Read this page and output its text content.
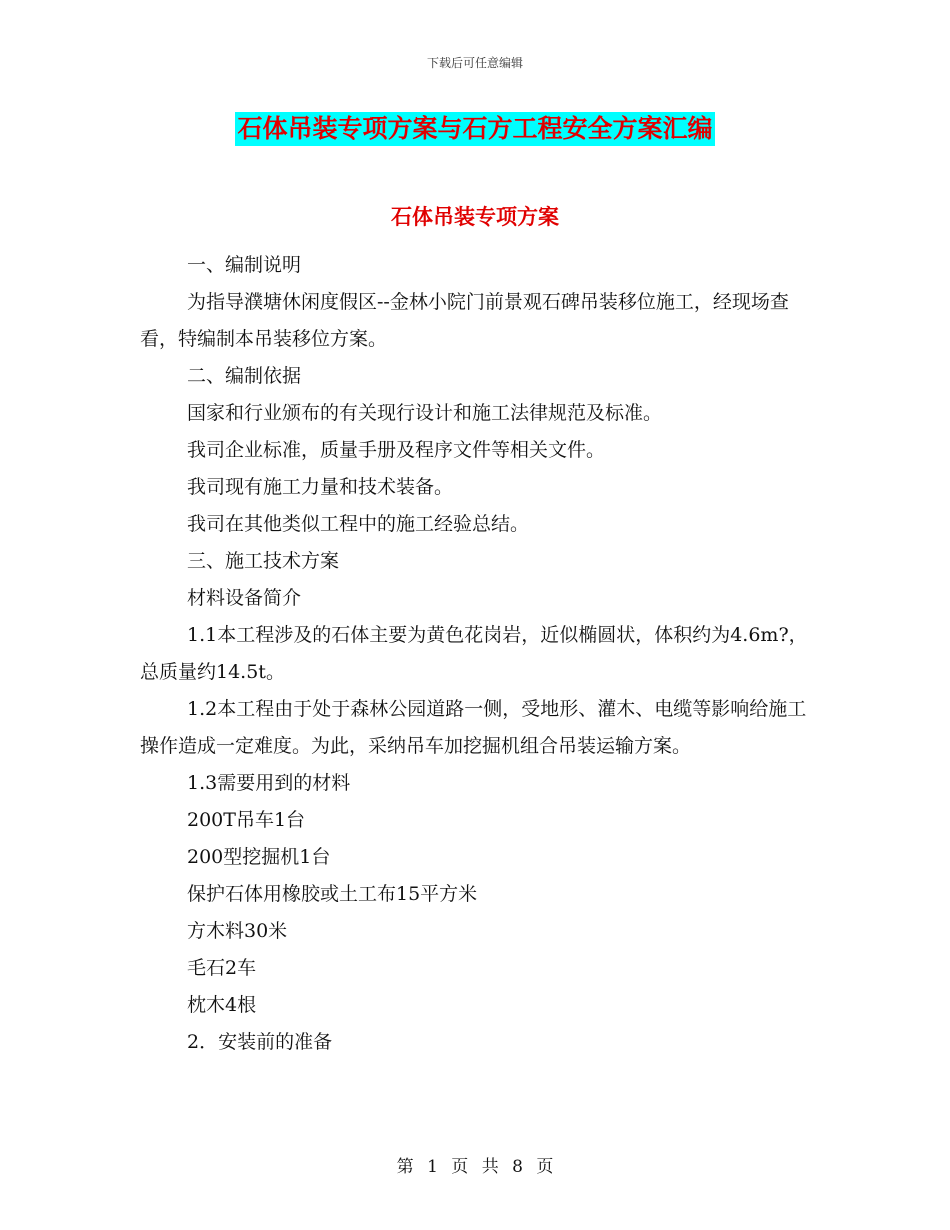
下载后可任意编辑
石体吊装专项方案与石方工程安全方案汇编
石体吊装专项方案

一、编制说明

为指导濮塘休闲度假区--金林小院门前景观石碑吊装移位施工，经现场查看，特编制本吊装移位方案。

二、编制依据

国家和行业颁布的有关现行设计和施工法律规范及标准。

我司企业标准，质量手册及程序文件等相关文件。

我司现有施工力量和技术装备。

我司在其他类似工程中的施工经验总结。

三、施工技术方案

材料设备简介

1.1本工程涉及的石体主要为黄色花岗岩，近似椭圆状，体积约为4.6m?，总质量约14.5t。

1.2本工程由于处于森林公园道路一侧，受地形、灌木、电缆等影响给施工操作造成一定难度。为此，采纳吊车加挖掘机组合吊装运输方案。

1.3需要用到的材料

200T吊车1台

200型挖掘机1台

保护石体用橡胶或土工布15平方米

方木料30米

毛石2车

枕木4根

2．安装前的准备

第 1 页 共 8 页
